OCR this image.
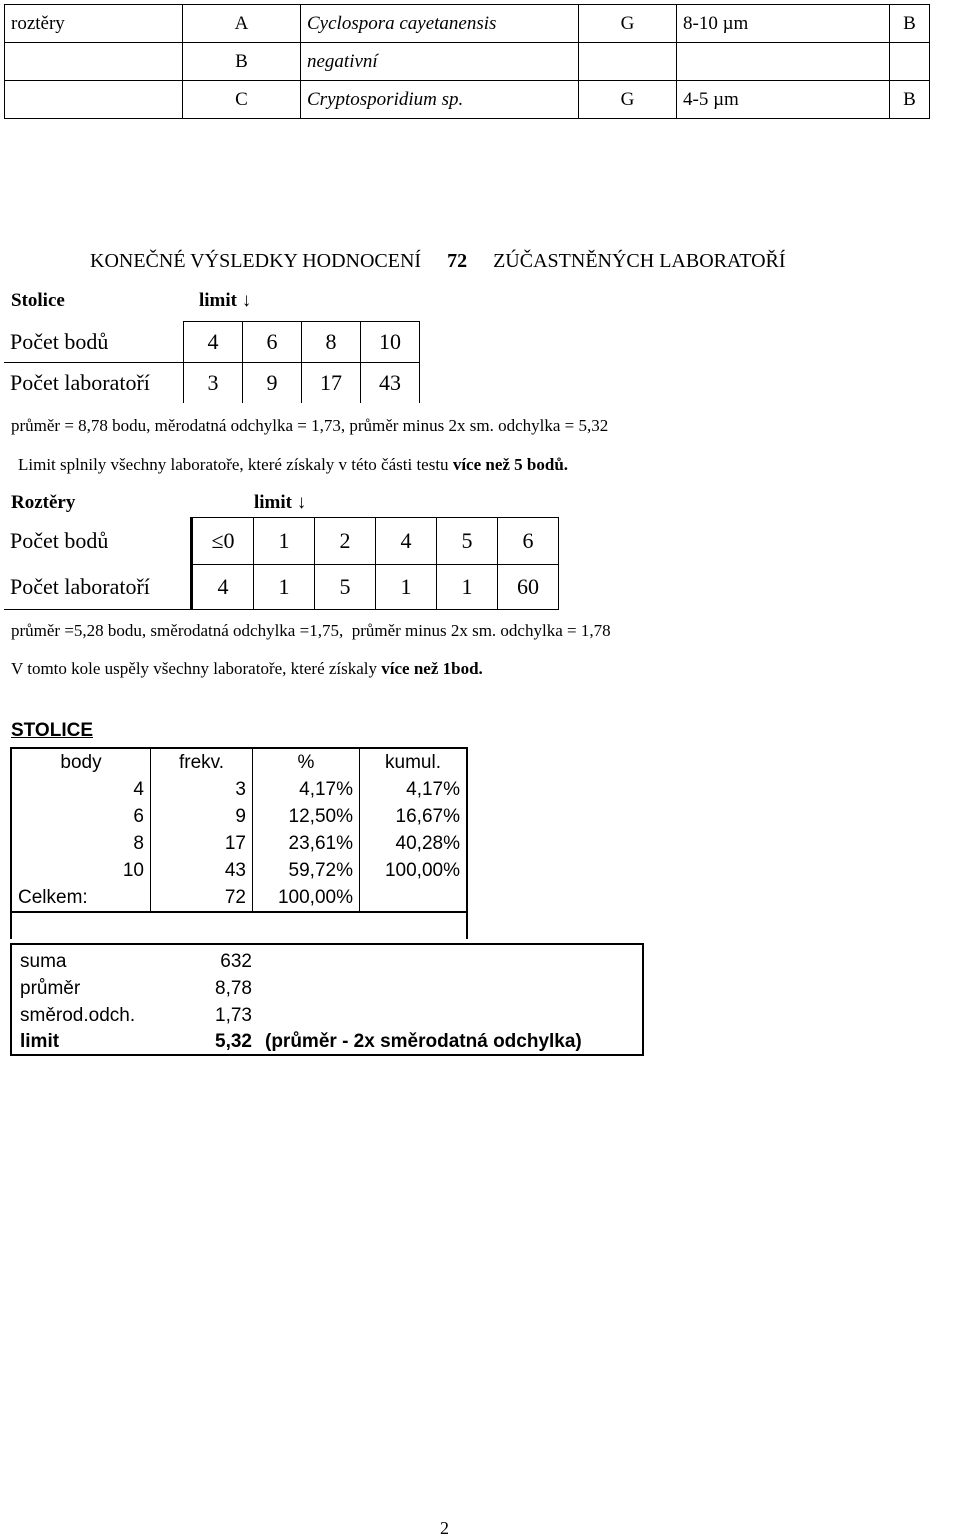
roztěry	A	Cyclospora cayetanensis	G	8-10 µm	B
	B	negativní			
	C	Cryptosporidium sp.	G	4-5 µm	B
KONEČNÉ VÝSLEDKY HODNOCENÍ 72 ZÚČASTNĚNÝCH LABORATOŘÍ
Stolice	limit ↓
Počet bodů	4	6	8	10
Počet laboratoří	3	9	17	43
průměr = 8,78 bodu, měrodatná odchylka = 1,73, průměr minus 2x sm. odchylka = 5,32
Limit splnily všechny laboratoře, které získaly v této části testu více než 5 bodů.
Roztěry	limit ↓
Počet bodů	≤0	1	2	4	5	6
Počet laboratoří	4	1	5	1	1	60
průměr =5,28 bodu, směrodatná odchylka =1,75,  průměr minus 2x sm. odchylka = 1,78
V tomto kole uspěly všechny laboratoře, které získaly více než 1bod.
STOLICE
body	frekv.	%	kumul.
4	3	4,17%	4,17%
6	9	12,50%	16,67%
8	17	23,61%	40,28%
10	43	59,72%	100,00%
Celkem:	72	100,00%	

suma	632
průměr	8,78
směrod.odch.	1,73
limit	5,32 (průměr - 2x směrodatná odchylka)
2
